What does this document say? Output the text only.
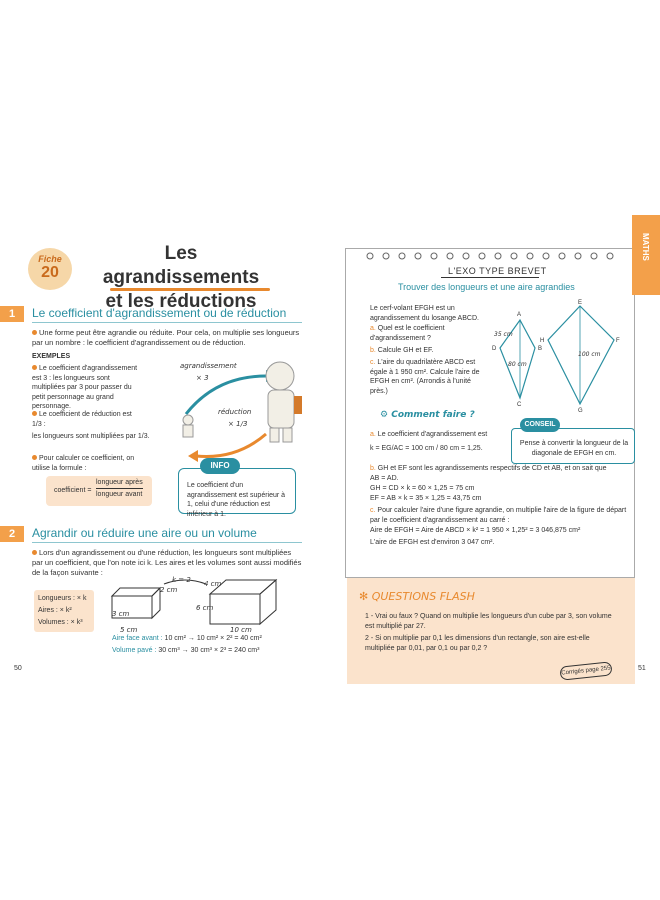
Fiche
20
Les agrandissements
et les réductions
1	Le coefficient d'agrandissement ou de réduction
Une forme peut être agrandie ou réduite. Pour cela, on multiplie ses longueurs par un nombre : le coefficient d'agrandissement ou de réduction.
EXEMPLES
Le coefficient d'agrandissement est 3 : les longueurs sont multipliées par 3 pour passer du petit personnage au grand personnage.
Le coefficient de réduction est 1/3 :
les longueurs sont multipliées par 1/3.
Pour calculer ce coefficient, on utilise la formule :
coefficient =
longueur après
longueur avant
agrandissement
× 3
réduction
× 1/3
Le coefficient d'un agrandissement est supérieur à 1, celui d'une réduction est inférieur à 1.
INFO
2	Agrandir ou réduire une aire ou un volume
Lors d'un agrandissement ou d'une réduction, les longueurs sont multipliées par un coefficient, que l'on note ici k. Les aires et les volumes sont aussi modifiés de la façon suivante :
Longueurs : × k
Aires : × k²
Volumes : × k³
k = 2
3 cm
2 cm
5 cm
6 cm
4 cm
10 cm
Aire face avant : 10 cm² → 10 cm² × 2² = 40 cm²
Volume pavé : 30 cm³ → 30 cm³ × 2³ = 240 cm³
50
L'EXO TYPE BREVET
Trouver des longueurs et une aire agrandies
Le cerf-volant EFGH est un agrandissement du losange ABCD.
a. Quel est le coefficient d'agrandissement ?
b. Calcule GH et EF.
c. L'aire du quadrilatère ABCD est égale à 1 950 cm². Calcule l'aire de EFGH en cm². (Arrondis à l'unité près.)
A
B
C
D
E
F
G
H
35 cm
80 cm
100 cm
⚙ Comment faire ?
a. Le coefficient d'agrandissement est
k = EG/AC = 100 cm / 80 cm = 1,25.
b. GH et EF sont les agrandissements respectifs de CD et AB, et on sait que AB = AD.
GH = CD × k = 60 × 1,25 = 75 cm
EF = AB × k = 35 × 1,25 = 43,75 cm
c. Pour calculer l'aire d'une figure agrandie, on multiplie l'aire de la figure de départ par le coefficient d'agrandissement au carré :
Aire de EFGH = Aire de ABCD × k² = 1 950 × 1,25² = 3 046,875 cm²
L'aire de EFGH est d'environ 3 047 cm².
Pense à convertir la longueur de la diagonale de EFGH en cm.
CONSEIL
✻ QUESTIONS FLASH
1 - Vrai ou faux ? Quand on multiplie les longueurs d'un cube par 3, son volume est multiplié par 27.
2 - Si on multiplie par 0,1 les dimensions d'un rectangle, son aire est-elle multipliée par 0,01, par 0,1 ou par 0,2 ?
Corrigés page 255
MATHS
51
